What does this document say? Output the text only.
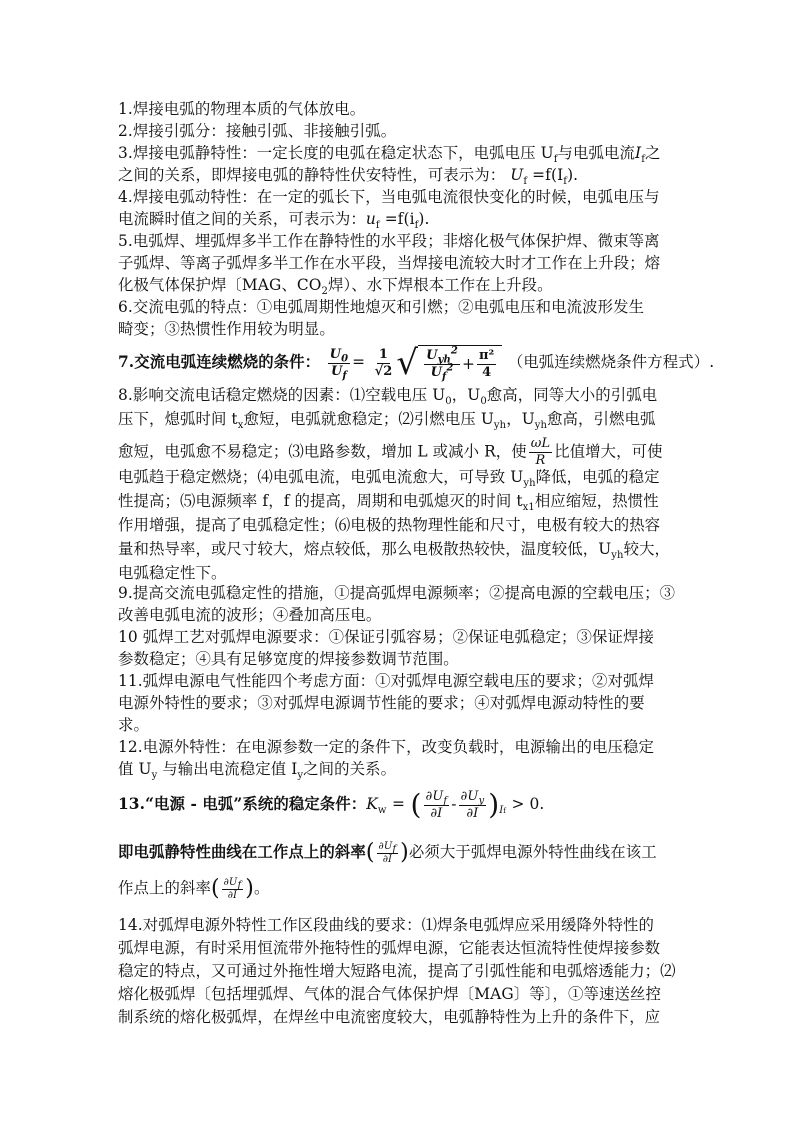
1.焊接电弧的物理本质的气体放电。
2.焊接引弧分：接触引弧、非接触引弧。
3.焊接电弧静特性：一定长度的电弧在稳定状态下，电弧电压 $U_f$与电弧电流$I_f$之
之间的关系，即焊接电弧的静特性伏安特性，可表示为： $U_f =f(I_f)$.
4.焊接电弧动特性：在一定的弧长下，当电弧电流很快变化的时候，电弧电压与
电流瞬时值之间的关系，可表示为：$u_f =f(i_f)$.
5.电弧焊、埋弧焊多半工作在静特性的水平段；非熔化极气体保护焊、微束等离
子弧焊、等离子弧焊多半工作在水平段，当焊接电流较大时才工作在上升段；熔
化极气体保护焊〔MAG、$CO_2$焊）、水下焊根本工作在上升段。
6.交流电弧的特点：①电弧周期性地熄灭和引燃；②电弧电压和电流波形发生
畸变；③热惯性作用较为明显。
7.交流电弧连续燃烧的条件： $\frac{U_0}{U_f} = \frac{1}{√2}$ √ $\frac{U_{yh}^2}{U_f^2} + \frac{\text{π²}}{4}$ （电弧连续燃烧条件方程式）.
8.影响交流电话稳定燃烧的因素：⑴空载电压 $U_0$，$U_0$愈高，同等大小的引弧电
压下，熄弧时间 $t_x$愈短，电弧就愈稳定；⑵引燃电压 $U_{yh}$，$U_{yh}$愈高，引燃电弧
愈短，电弧愈不易稳定；⑶电路参数，增加 L 或减小 R，使 $\frac{\omega L}{R}$ 比值增大，可使
电弧趋于稳定燃烧；⑷电弧电流，电弧电流愈大，可导致 $U_{yh}$降低，电弧的稳定
性提高；⑸电源频率 f，f 的提高，周期和电弧熄灭的时间 $t_{x1}$相应缩短，热惯性
作用增强，提高了电弧稳定性；⑹电极的热物理性能和尺寸，电极有较大的热容
量和热导率，或尺寸较大，熔点较低，那么电极散热较快，温度较低，$U_{yh}$较大，
电弧稳定性下。
9.提高交流电弧稳定性的措施，①提高弧焊电源频率；②提高电源的空载电压；③
改善电弧电流的波形；④叠加高压电。
10 弧焊工艺对弧焊电源要求：①保证引弧容易；②保证电弧稳定；③保证焊接
参数稳定；④具有足够宽度的焊接参数调节范围。
11.弧焊电源电气性能四个考虑方面：①对弧焊电源空载电压的要求；②对弧焊
电源外特性的要求；③对弧焊电源调节性能的要求；④对弧焊电源动特性的要
求。
12.电源外特性：在电源参数一定的条件下，改变负载时，电源输出的电压稳定
值 $U_y$ 与输出电流稳定值 $I_y$之间的关系。
13.“电源 - 电弧”系统的稳定条件：$K_w$ = ( $\frac{\partial U_f}{\partial I} - \frac{\partial U_y}{\partial I} )_{If} > 0$.
即电弧静特性曲线在工作点上的斜率( $\frac{\partial U_f}{\partial I}$ )必须大于弧焊电源外特性曲线在该工
作点上的斜率( $\frac{\partial U_f}{\partial I}$ )。
14.对弧焊电源外特性工作区段曲线的要求：⑴焊条电弧焊应采用缓降外特性的
弧焊电源，有时采用恒流带外拖特性的弧焊电源，它能表达恒流特性使焊接参数
稳定的特点，又可通过外拖性增大短路电流，提高了引弧性能和电弧熔透能力；⑵
熔化极弧焊〔包括埋弧焊、气体的混合气体保护焊〔MAG〕等〕，①等速送丝控
制系统的熔化极弧焊，在焊丝中电流密度较大，电弧静特性为上升的条件下，应
